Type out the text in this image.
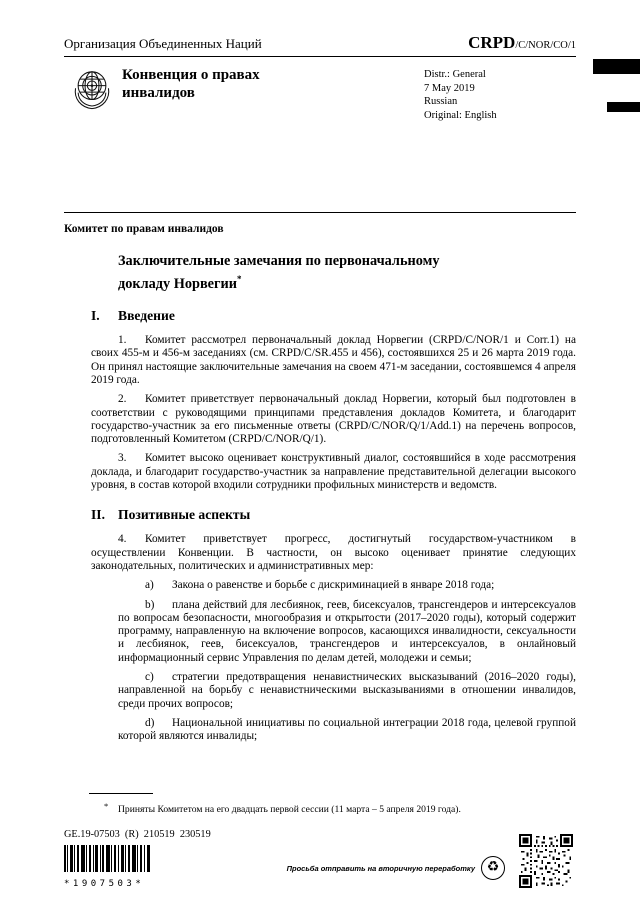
Организация Объединенных Наций	CRPD/C/NOR/CO/1
Конвенция о правах инвалидов
Distr.: General
7 May 2019
Russian
Original: English
Комитет по правам инвалидов
Заключительные замечания по первоначальному докладу Норвегии*
I.	Введение

1. Комитет рассмотрел первоначальный доклад Норвегии (CRPD/C/NOR/1 и Corr.1) на своих 455-м и 456-м заседаниях (см. CRPD/C/SR.455 и 456), состоявшихся 25 и 26 марта 2019 года. Он принял настоящие заключительные замечания на своем 471-м заседании, состоявшемся 4 апреля 2019 года.

2. Комитет приветствует первоначальный доклад Норвегии, который был подготовлен в соответствии с руководящими принципами представления докладов Комитета, и благодарит государство-участник за его письменные ответы (CRPD/C/NOR/Q/1/Add.1) на перечень вопросов, подготовленный Комитетом (CRPD/C/NOR/Q/1).

3. Комитет высоко оценивает конструктивный диалог, состоявшийся в ходе рассмотрения доклада, и благодарит государство-участник за направление представительной делегации высокого уровня, в состав которой входили сотрудники профильных министерств и ведомств.

II. Позитивные аспекты

4. Комитет приветствует прогресс, достигнутый государством-участником в осуществлении Конвенции. В частности, он высоко оценивает принятие следующих законодательных, политических и административных мер:

a) Закона о равенстве и борьбе с дискриминацией в январе 2018 года;

b) плана действий для лесбиянок, геев, бисексуалов, трансгендеров и интерсексуалов по вопросам безопасности, многообразия и открытости (2017–2020 годы), который содержит программу, направленную на включение вопросов, касающихся инвалидности, сексуальности и лесбиянок, геев, бисексуалов, трансгендеров и интерсексуалов, в онлайновый информационный сервис Управления по делам детей, молодежи и семьи;

c) стратегии предотвращения ненавистнических высказываний (2016–2020 годы), направленной на борьбу с ненавистническими высказываниями в отношении инвалидов, среди прочих вопросов;

d) Национальной инициативы по социальной интеграции 2018 года, целевой группой которой являются инвалиды;

* Приняты Комитетом на его двадцать первой сессии (11 марта – 5 апреля 2019 года).
GE.19-07503  (R)  210519  230519
*1907503*
Просьба отправить на вторичную переработку ♻
